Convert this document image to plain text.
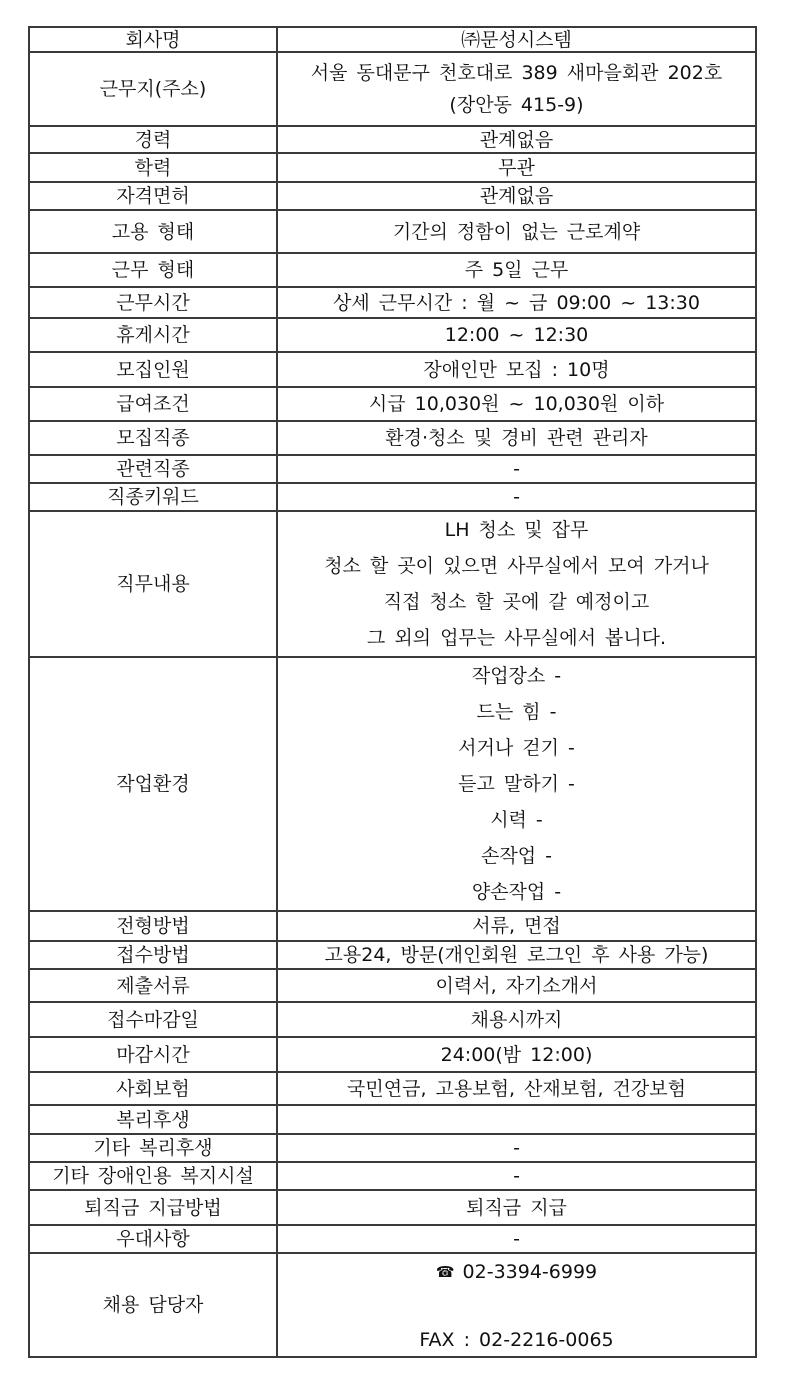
회사명	㈜문성시스템

근무지(주소)	서울 동대문구 천호대로 389 새마을회관 202호
(장안동 415-9)

경력	관계없음

학력	무관

자격면허	관계없음

고용 형태	기간의 정함이 없는 근로계약

근무 형태	주 5일 근무

근무시간	상세 근무시간 : 월 ~ 금 09:00 ~ 13:30

휴게시간	12:00 ~ 12:30

모집인원	장애인만 모집 : 10명

급여조건	시급 10,030원 ~ 10,030원 이하

모집직종	환경·청소 및 경비 관련 관리자

관련직종	-

직종키워드	-

직무내용	LH 청소 및 잡무
청소 할 곳이 있으면 사무실에서 모여 가거나
직접 청소 할 곳에 갈 예정이고
그 외의 업무는 사무실에서 봅니다.

작업환경	
작업장소 -
드는 힘 -
서거나 걷기 -
듣고 말하기 -
시력 -
손작업 -
양손작업 -

전형방법	서류, 면접

접수방법	고용24, 방문(개인회원 로그인 후 사용 가능)

제출서류	이력서, 자기소개서

접수마감일	채용시까지

마감시간	24:00(밤 12:00)

사회보험	국민연금, 고용보험, 산재보험, 건강보험

복리후생	

기타 복리후생	-

기타 장애인용 복지시설	-

퇴직금 지급방법	퇴직금 지급

우대사항	-

채용 담당자	
☎02-3394-6999
FAX : 02-2216-0065
